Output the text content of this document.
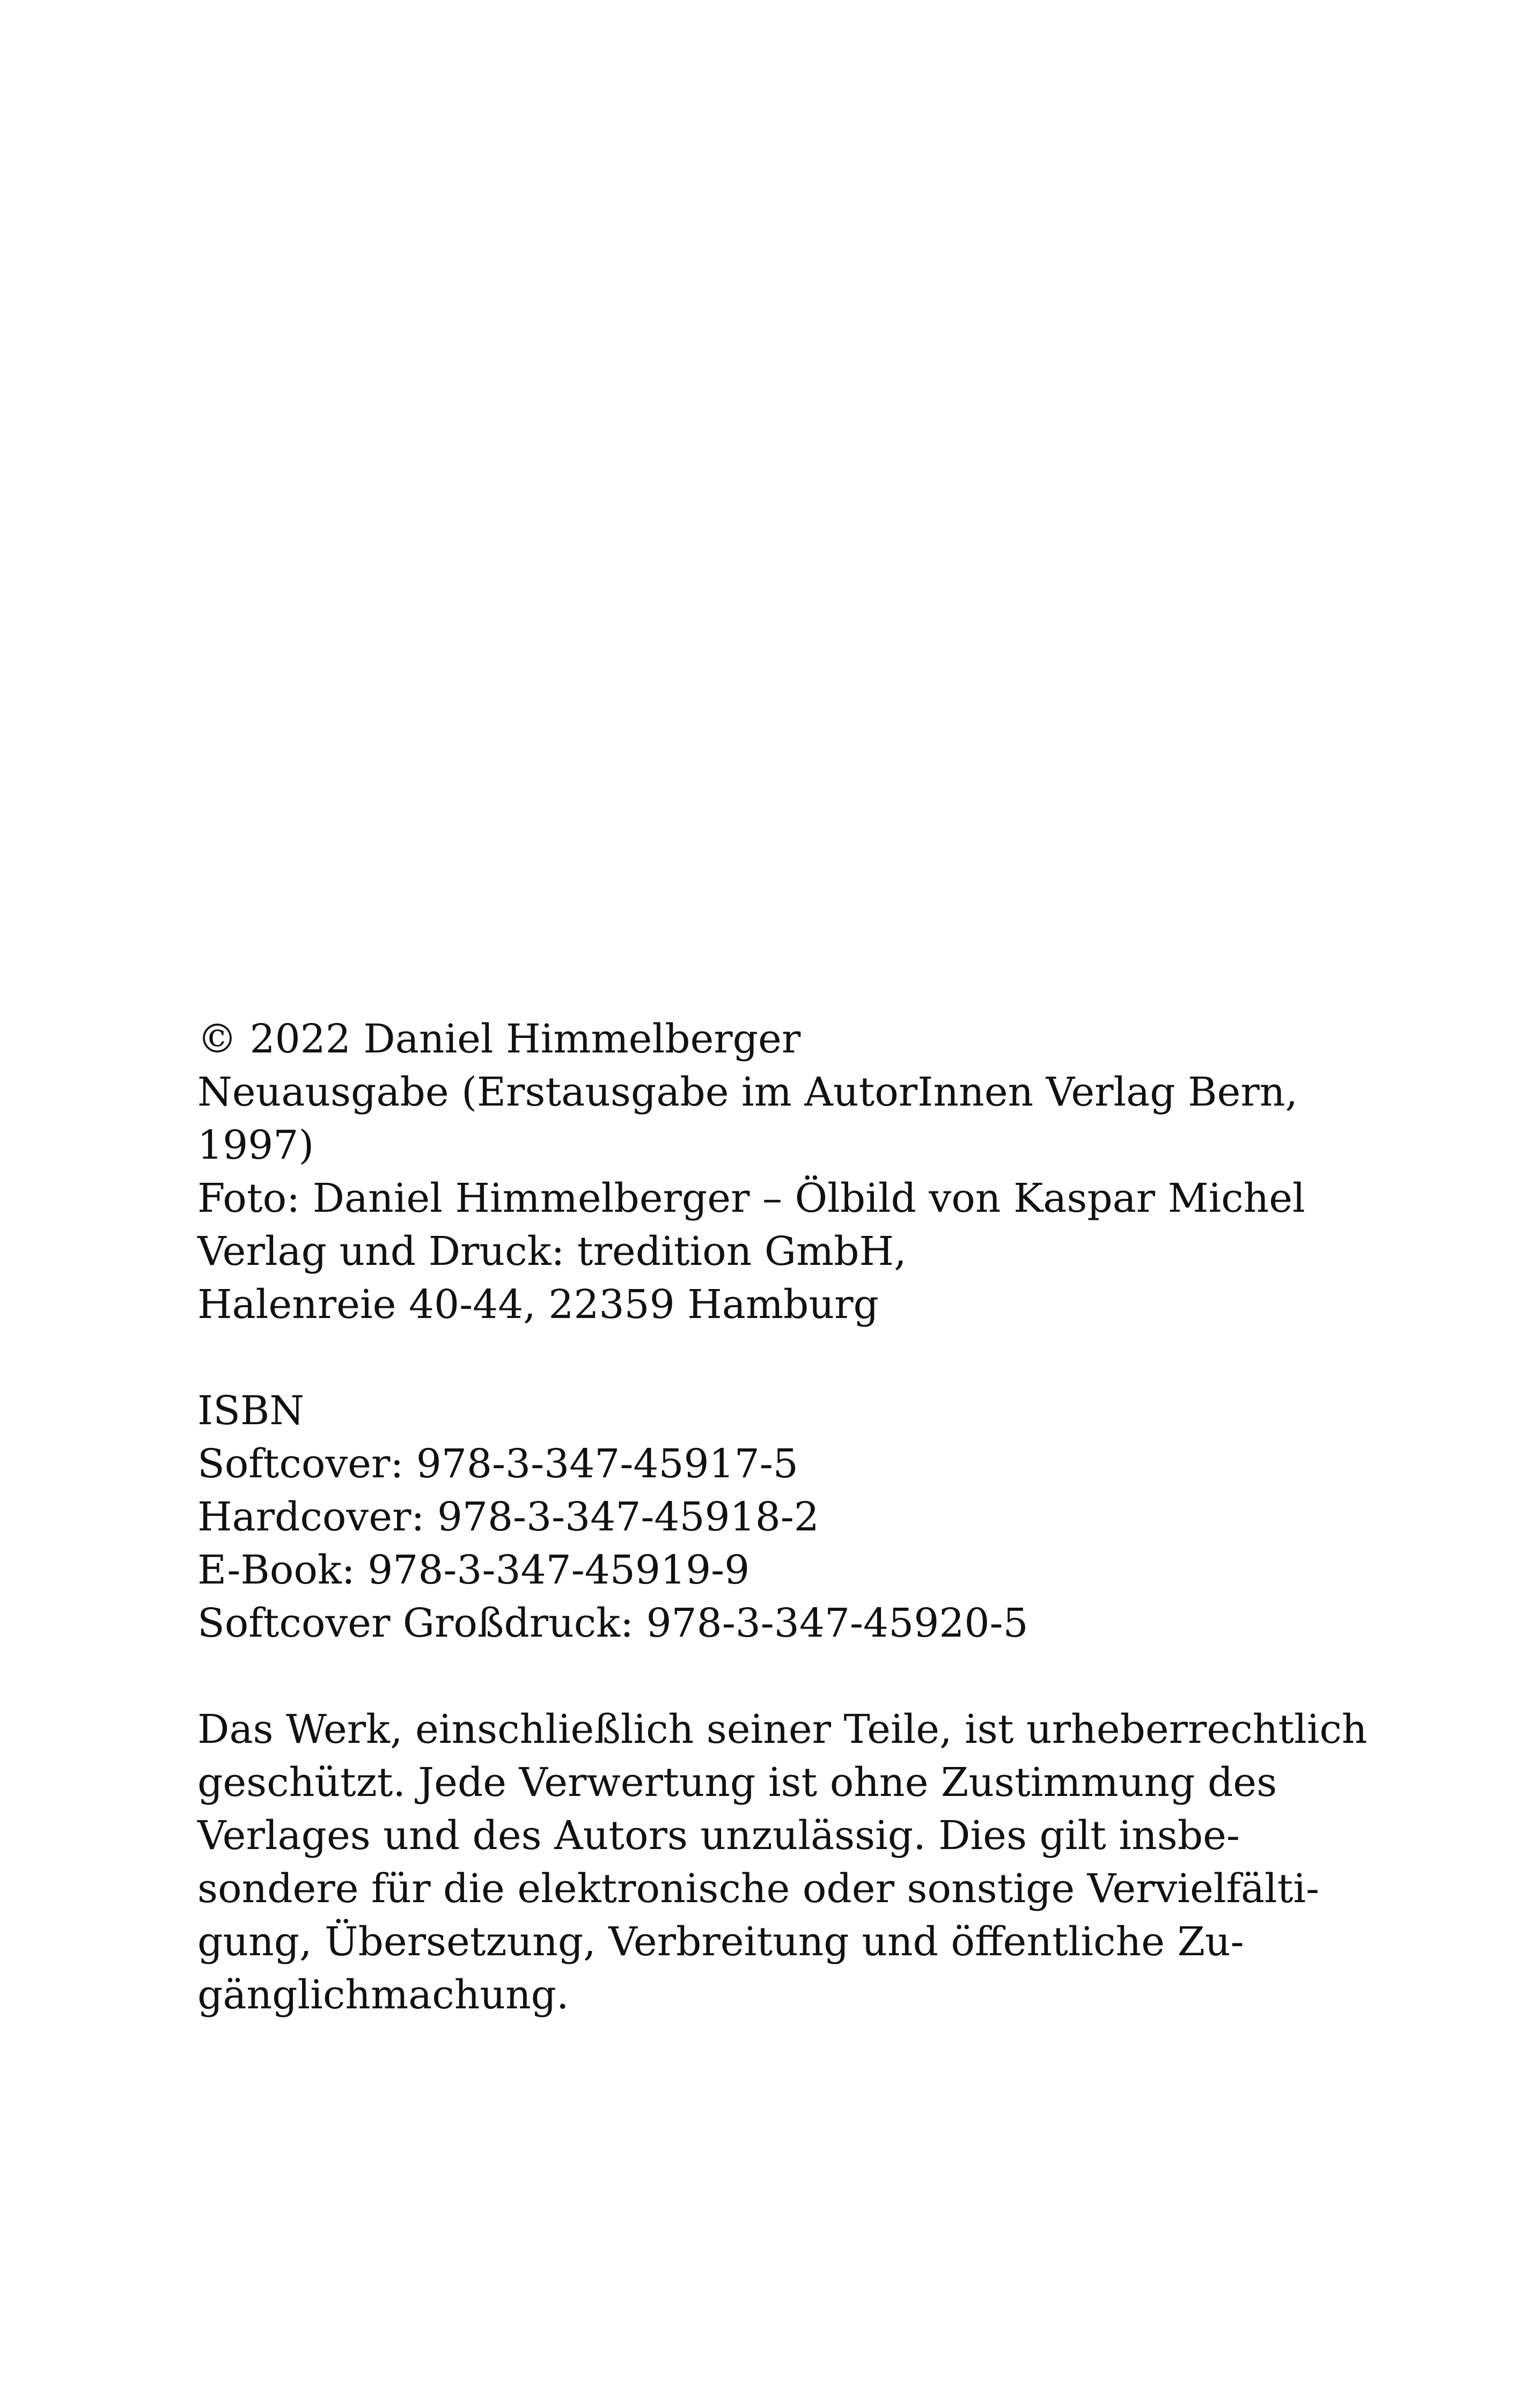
© 2022 Daniel Himmelberger
Neuausgabe (Erstausgabe im AutorInnen Verlag Bern,
1997)
Foto: Daniel Himmelberger – Ölbild von Kaspar Michel
Verlag und Druck: tredition GmbH,
Halenreie 40-44, 22359 Hamburg
ISBN
Softcover: 978-3-347-45917-5
Hardcover: 978-3-347-45918-2
E-Book: 978-3-347-45919-9
Softcover Großdruck: 978-3-347-45920-5
Das Werk, einschließlich seiner Teile, ist urheberrechtlich
geschützt. Jede Verwertung ist ohne Zustimmung des
Verlages und des Autors unzulässig. Dies gilt insbe-
sondere für die elektronische oder sonstige Vervielfälti-
gung, Übersetzung, Verbreitung und öffentliche Zu-
gänglichmachung.
